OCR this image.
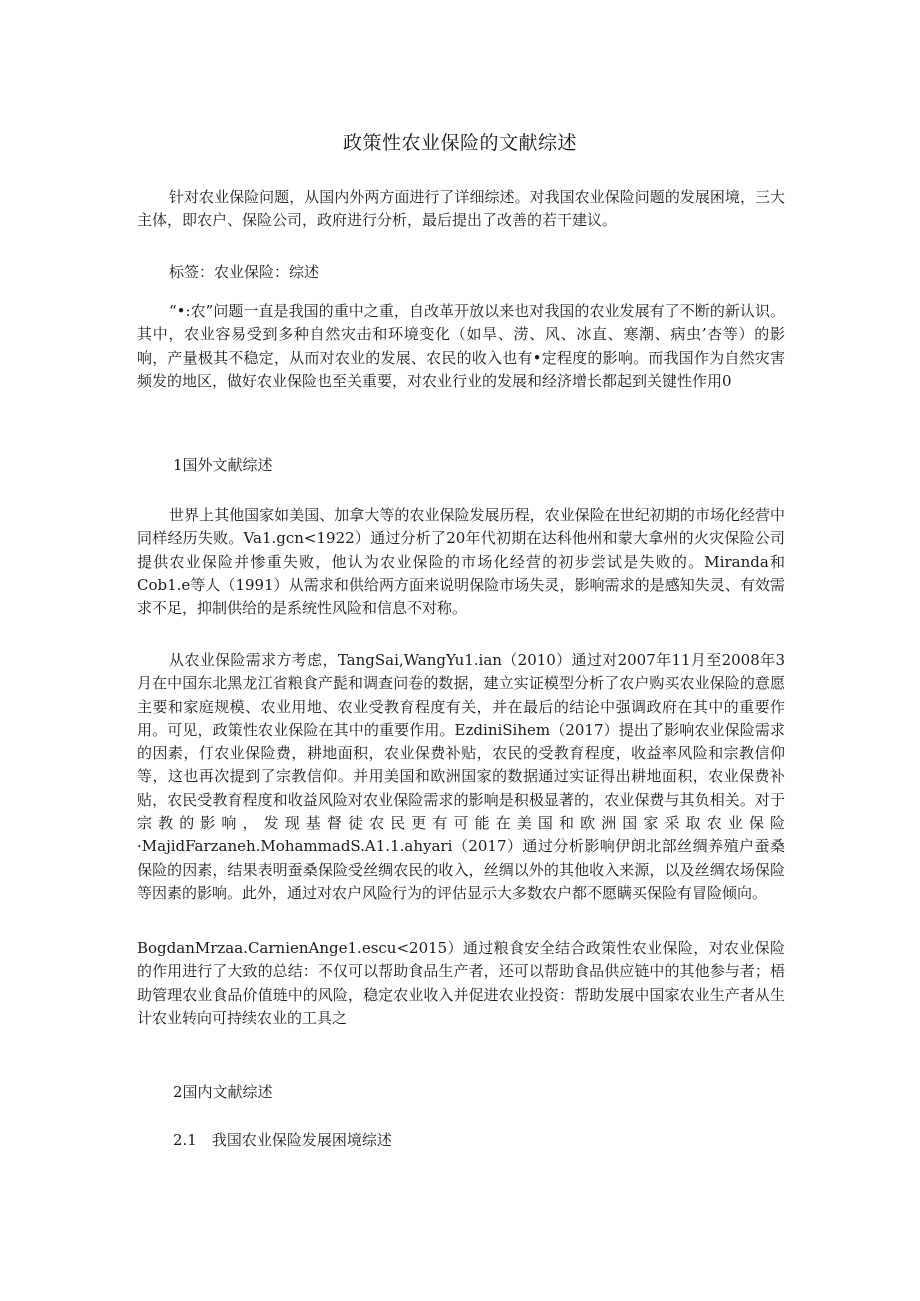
政策性农业保险的文献综述

针对农业保险问题，从国内外两方面进行了详细综述。对我国农业保险问题的发展困境，三大主体，即农户、保险公司，政府进行分析，最后提出了改善的若干建议。

标签：农业保险：综述

“•:农”问题一直是我国的重中之重，自改革开放以来也对我国的农业发展有了不断的新认识。其中，农业容易受到多种自然灾击和环境变化（如旱、涝、风、冰直、寒潮、病虫’杏等）的影响，产量极其不稳定，从而对农业的发展、农民的收入也有•定程度的影响。而我国作为自然灾害频发的地区，做好农业保险也至关重要，对农业行业的发展和经济增长都起到关键性作用0

1国外文献综述

世界上其他国家如美国、加拿大等的农业保险发展历程，农业保险在世纪初期的市场化经营中同样经历失败。Va1.gcn<1922）通过分析了20年代初期在达科他州和蒙大拿州的火灾保险公司提供农业保险并惨重失败，他认为农业保险的市场化经营的初步尝试是失败的。Miranda和Cob1.e等人（1991）从需求和供给两方面来说明保险市场失灵，影响需求的是感知失灵、有效需求不足，抑制供给的是系统性风险和信息不对称。

从农业保险需求方考虑，TangSai,WangYu1.ian（2010）通过对2007年11月至2008年3月在中国东北黑龙江省粮食产髭和调查问卷的数据，建立实证模型分析了农户购买农业保险的意愿主要和家庭规模、农业用地、农业受教育程度有关，并在最后的结论中强调政府在其中的重要作用。可见，政策性农业保险在其中的重要作用。EzdiniSihem（2017）提出了影响农业保险需求的因素，仃农业保险费，耕地面积，农业保费补贴，农民的受教育程度，收益率风险和宗教信仰等，这也再次提到了宗教信仰。并用美国和欧洲国家的数据通过实证得出耕地面积，农业保费补贴，农民受教育程度和收益风险对农业保险需求的影响是积极显著的，农业保费与其负相关。对于宗教的影响，发现基督徒农民更有可能在美国和欧洲国家采取农业保险·MajidFarzaneh.MohammadS.A1.1.ahyari（2017）通过分析影响伊朗北部丝绸养殖户蚕桑保险的因素，结果表明蚕桑保险受丝绸农民的收入，丝绸以外的其他收入来源，以及丝绸农场保险等因素的影响。此外，通过对农户风险行为的评估显示大多数农户都不愿瞒买保险有冒险倾向。

BogdanMrzaa.CarnienAnge1.escu<2015）通过粮食安全结合政策性农业保险，对农业保险的作用进行了大致的总结：不仅可以帮助食品生产者，还可以帮助食品供应链中的其他参与者；梧助管理农业食品价值琏中的风险，稳定农业收入并促进农业投资：帮助发展中国家农业生产者从生计农业转向可持续农业的工具之

2国内文献综述

2.1　我国农业保险发展困境综述
